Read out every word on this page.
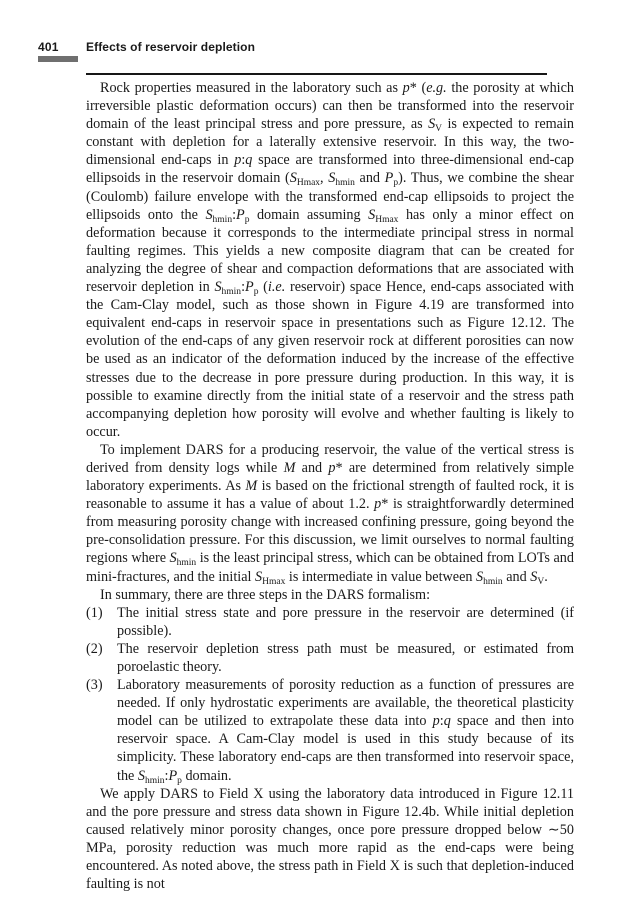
401 Effects of reservoir depletion

Rock properties measured in the laboratory such as p* (e.g. the porosity at which irreversible plastic deformation occurs) can then be transformed into the reservoir domain of the least principal stress and pore pressure, as $S_V$ is expected to remain constant with depletion for a laterally extensive reservoir. In this way, the two-dimensional end-caps in p:q space are transformed into three-dimensional end-cap ellipsoids in the reservoir domain ($S_{Hmax}$, $S_{hmin}$ and $P_p$). Thus, we combine the shear (Coulomb) failure envelope with the transformed end-cap ellipsoids to project the ellipsoids onto the $S_{hmin}:P_p$ domain assuming $S_{Hmax}$ has only a minor effect on deformation because it corresponds to the intermediate principal stress in normal faulting regimes. This yields a new composite diagram that can be created for analyzing the degree of shear and compaction deformations that are associated with reservoir depletion in $S_{hmin}:P_p$ (i.e. reservoir) space Hence, end-caps associated with the Cam-Clay model, such as those shown in Figure 4.19 are transformed into equivalent end-caps in reservoir space in presentations such as Figure 12.12. The evolution of the end-caps of any given reservoir rock at different porosities can now be used as an indicator of the deformation induced by the increase of the effective stresses due to the decrease in pore pressure during production. In this way, it is possible to examine directly from the initial state of a reservoir and the stress path accompanying depletion how porosity will evolve and whether faulting is likely to occur.

To implement DARS for a producing reservoir, the value of the vertical stress is derived from density logs while M and p* are determined from relatively simple laboratory experiments. As M is based on the frictional strength of faulted rock, it is reasonable to assume it has a value of about 1.2. p* is straightforwardly determined from measuring porosity change with increased confining pressure, going beyond the pre-consolidation pressure. For this discussion, we limit ourselves to normal faulting regions where $S_{hmin}$ is the least principal stress, which can be obtained from LOTs and mini-fractures, and the initial $S_{Hmax}$ is intermediate in value between $S_{hmin}$ and $S_V$.

In summary, there are three steps in the DARS formalism:

(1) The initial stress state and pore pressure in the reservoir are determined (if possible).
(2) The reservoir depletion stress path must be measured, or estimated from poroelastic theory.
(3) Laboratory measurements of porosity reduction as a function of pressures are needed. If only hydrostatic experiments are available, the theoretical plasticity model can be utilized to extrapolate these data into p:q space and then into reservoir space. A Cam-Clay model is used in this study because of its simplicity. These laboratory end-caps are then transformed into reservoir space, the $S_{hmin}:P_p$ domain.

We apply DARS to Field X using the laboratory data introduced in Figure 12.11 and the pore pressure and stress data shown in Figure 12.4b. While initial depletion caused relatively minor porosity changes, once pore pressure dropped below ∼50 MPa, porosity reduction was much more rapid as the end-caps were being encountered. As noted above, the stress path in Field X is such that depletion-induced faulting is not
